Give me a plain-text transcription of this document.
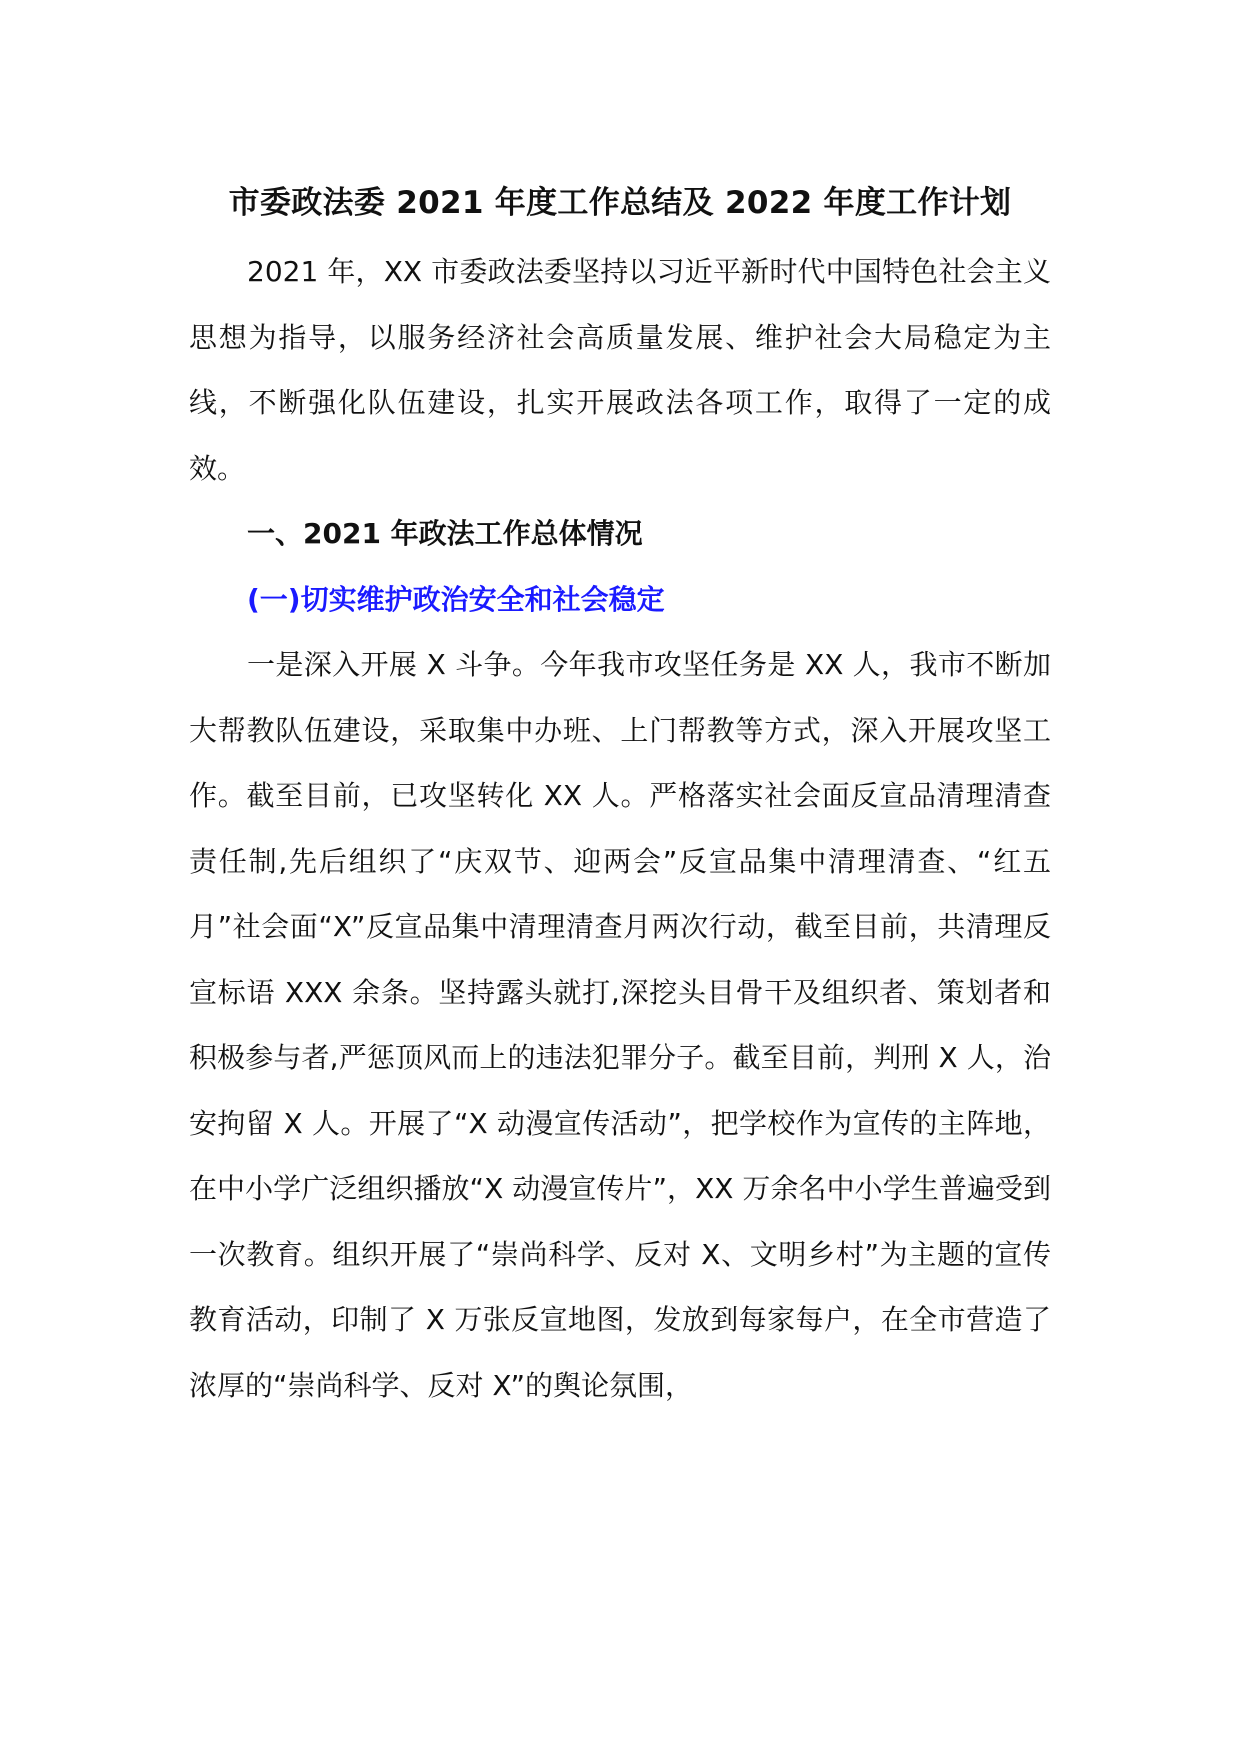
市委政法委 2021 年度工作总结及 2022 年度工作计划

2021 年，XX 市委政法委坚持以习近平新时代中国特色社会主义思想为指导，以服务经济社会高质量发展、维护社会大局稳定为主线，不断强化队伍建设，扎实开展政法各项工作，取得了一定的成效。

一、2021 年政法工作总体情况
(一)切实维护政治安全和社会稳定

一是深入开展 X 斗争。今年我市攻坚任务是 XX 人，我市不断加大帮教队伍建设，采取集中办班、上门帮教等方式，深入开展攻坚工作。截至目前，已攻坚转化 XX 人。严格落实社会面反宣品清理清查责任制,先后组织了“庆双节、迎两会”反宣品集中清理清查、“红五月”社会面“X”反宣品集中清理清查月两次行动，截至目前，共清理反宣标语 XXX 余条。坚持露头就打,深挖头目骨干及组织者、策划者和积极参与者,严惩顶风而上的违法犯罪分子。截至目前，判刑 X 人，治安拘留 X 人。开展了“X 动漫宣传活动”，把学校作为宣传的主阵地，在中小学广泛组织播放“X 动漫宣传片”，XX 万余名中小学生普遍受到一次教育。组织开展了“崇尚科学、反对 X、文明乡村”为主题的宣传教育活动，印制了 X 万张反宣地图，发放到每家每户，在全市营造了浓厚的“崇尚科学、反对 X”的舆论氛围，
